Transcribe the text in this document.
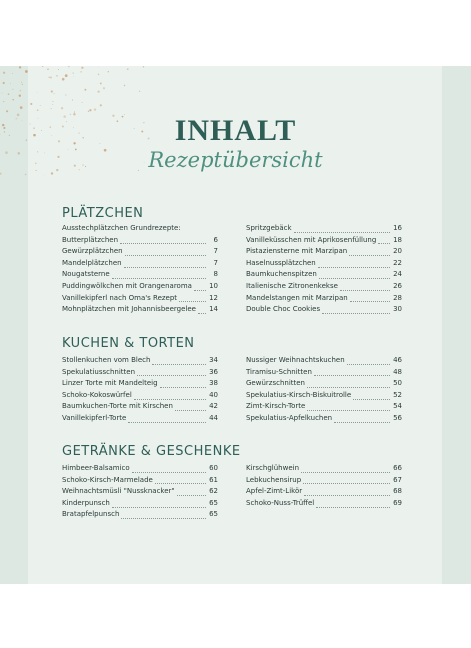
INHALT
Rezeptübersicht
PLÄTZCHEN
Ausstechplätzchen Grundrezepte:
Butterplätzchen	6
Gewürzplätzchen	7
Mandelplätzchen	7
Nougatsterne	8
Puddingwölkchen mit Orangenaroma 10
Vanillekipferl nach Oma's Rezept	12
Mohnplätzchen mit Johannisbeergelee 14
Spritzgebäck	16
Vanilleküsschen mit Aprikosenfüllung 18
Pistaziensterne mit Marzipan	20
Haselnussplätzchen	22
Baumkuchenspitzen	24
Italienische Zitronenkekse	26
Mandelstangen mit Marzipan	28
Double Choc Cookies	30
KUCHEN & TORTEN
Stollenkuchen vom Blech	34
Spekulatiusschnitten	36
Linzer Torte mit Mandelteig	38
Schoko-Kokoswürfel	40
Baumkuchen-Torte mit Kirschen	42
Vanillekipferl-Torte	44
Nussiger Weihnachtskuchen	46
Tiramisu-Schnitten	48
Gewürzschnitten	50
Spekulatius-Kirsch-Biskuitrolle	52
Zimt-Kirsch-Torte	54
Spekulatius-Apfelkuchen	56
GETRÄNKE & GESCHENKE
Himbeer-Balsamico	60
Schoko-Kirsch-Marmelade	61
Weihnachtsmüsli "Nussknacker"	62
Kinderpunsch	65
Bratapfelpunsch	65
Kirschglühwein	66
Lebkuchensirup	67
Apfel-Zimt-Likör	68
Schoko-Nuss-Trüffel	69
